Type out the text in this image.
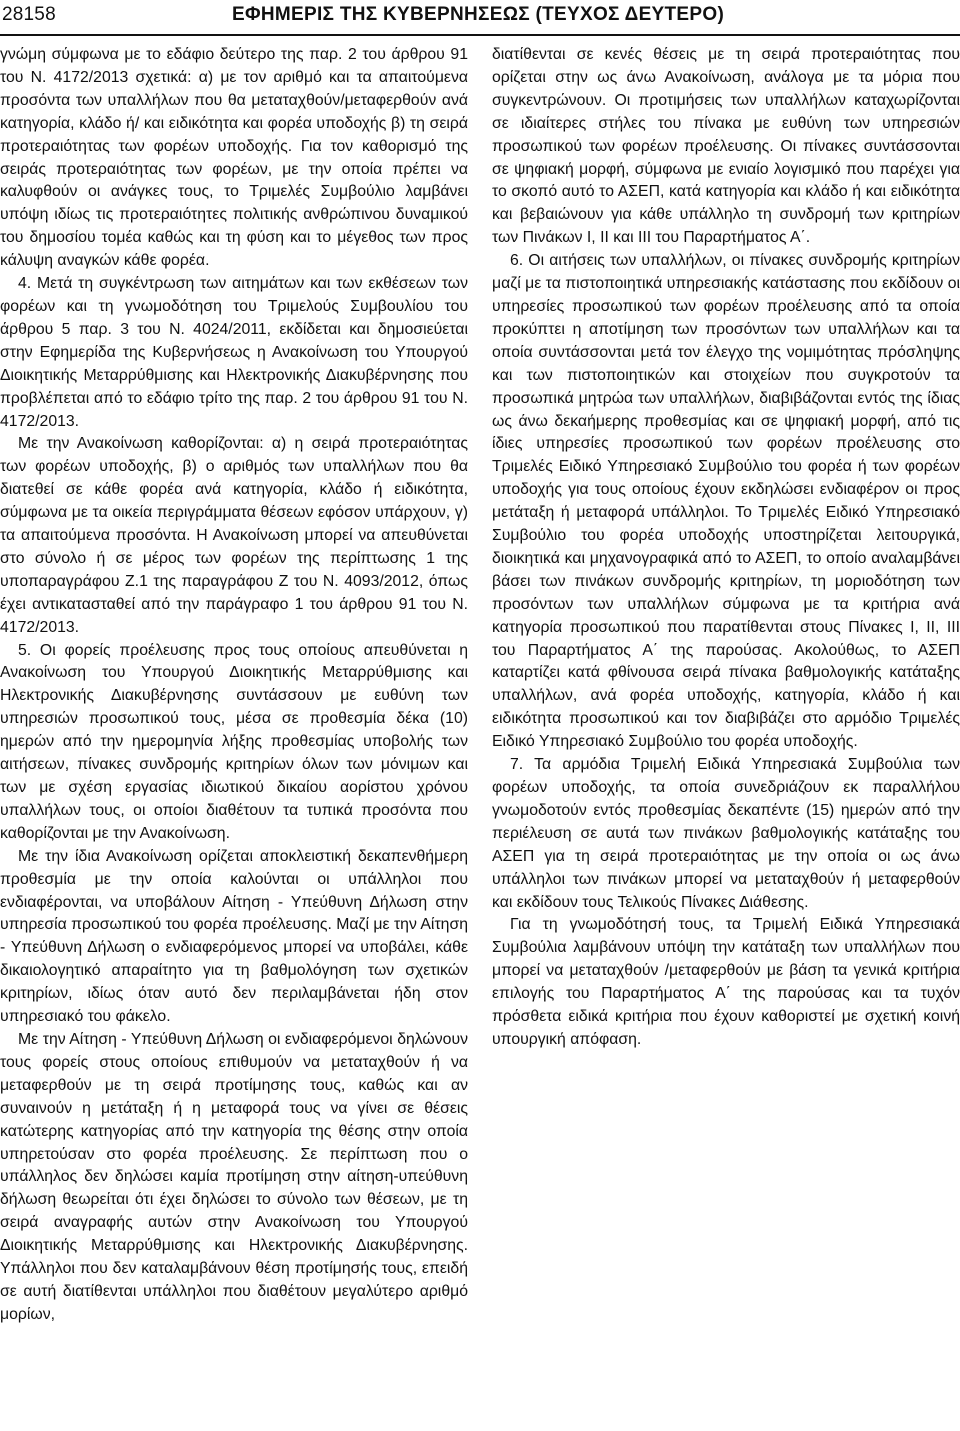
28158	ΕΦΗΜΕΡΙΣ ΤΗΣ ΚΥΒΕΡΝΗΣΕΩΣ (ΤΕΥΧΟΣ ΔΕΥΤΕΡΟ)

γνώμη σύμφωνα με το εδάφιο δεύτερο της παρ. 2 του άρθρου 91 του Ν. 4172/2013 σχετικά: α) με τον αριθμό και τα απαιτούμενα προσόντα των υπαλλήλων που θα μεταταχθούν/μεταφερθούν ανά κατηγορία, κλάδο ή/ και ειδικότητα και φορέα υποδοχής β) τη σειρά προτεραιότητας των φορέων υποδοχής. Για τον καθορισμό της σειράς προτεραιότητας των φορέων, με την οποία πρέπει να καλυφθούν οι ανάγκες τους, το Τριμελές Συμβούλιο λαμβάνει υπόψη ιδίως τις προτεραιότητες πολιτικής ανθρώπινου δυναμικού του δημοσίου τομέα καθώς και τη φύση και το μέγεθος των προς κάλυψη αναγκών κάθε φορέα.

4. Μετά τη συγκέντρωση των αιτημάτων και των εκθέσεων των φορέων και τη γνωμοδότηση του Τριμελούς Συμβουλίου του άρθρου 5 παρ. 3 του Ν. 4024/2011, εκδίδεται και δημοσιεύεται στην Εφημερίδα της Κυβερνήσεως η Ανακοίνωση του Υπουργού Διοικητικής Μεταρρύθμισης και Ηλεκτρονικής Διακυβέρνησης που προβλέπεται από το εδάφιο τρίτο της παρ. 2 του άρθρου 91 του Ν. 4172/2013.

Με την Ανακοίνωση καθορίζονται: α) η σειρά προτεραιότητας των φορέων υποδοχής, β) ο αριθμός των υπαλλήλων που θα διατεθεί σε κάθε φορέα ανά κατηγορία, κλάδο ή ειδικότητα, σύμφωνα με τα οικεία περιγράμματα θέσεων εφόσον υπάρχουν, γ) τα απαιτούμενα προσόντα. Η Ανακοίνωση μπορεί να απευθύνεται στο σύνολο ή σε μέρος των φορέων της περίπτωσης 1 της υποπαραγράφου Ζ.1 της παραγράφου Ζ του Ν. 4093/2012, όπως έχει αντικατασταθεί από την παράγραφο 1 του άρθρου 91 του Ν. 4172/2013.

5. Οι φορείς προέλευσης προς τους οποίους απευθύνεται η Ανακοίνωση του Υπουργού Διοικητικής Μεταρρύθμισης και Ηλεκτρονικής Διακυβέρνησης συντάσσουν με ευθύνη των υπηρεσιών προσωπικού τους, μέσα σε προθεσμία δέκα (10) ημερών από την ημερομηνία λήξης προθεσμίας υποβολής των αιτήσεων, πίνακες συνδρομής κριτηρίων όλων των μόνιμων και των με σχέση εργασίας ιδιωτικού δικαίου αορίστου χρόνου υπαλλήλων τους, οι οποίοι διαθέτουν τα τυπικά προσόντα που καθορίζονται με την Ανακοίνωση.

Με την ίδια Ανακοίνωση ορίζεται αποκλειστική δεκαπενθήμερη προθεσμία με την οποία καλούνται οι υπάλληλοι που ενδιαφέρονται, να υποβάλουν Αίτηση - Υπεύθυνη Δήλωση στην υπηρεσία προσωπικού του φορέα προέλευσης. Μαζί με την Αίτηση - Υπεύθυνη Δήλωση ο ενδιαφερόμενος μπορεί να υποβάλει, κάθε δικαιολογητικό απαραίτητο για τη βαθμολόγηση των σχετικών κριτηρίων, ιδίως όταν αυτό δεν περιλαμβάνεται ήδη στον υπηρεσιακό του φάκελο.

Με την Αίτηση - Υπεύθυνη Δήλωση οι ενδιαφερόμενοι δηλώνουν τους φορείς στους οποίους επιθυμούν να μεταταχθούν ή να μεταφερθούν με τη σειρά προτίμησης τους, καθώς και αν συναινούν η μετάταξη ή η μεταφορά τους να γίνει σε θέσεις κατώτερης κατηγορίας από την κατηγορία της θέσης στην οποία υπηρετούσαν στο φορέα προέλευσης. Σε περίπτωση που ο υπάλληλος δεν δηλώσει καμία προτίμηση στην αίτηση-υπεύθυνη δήλωση θεωρείται ότι έχει δηλώσει το σύνολο των θέσεων, με τη σειρά αναγραφής αυτών στην Ανακοίνωση του Υπουργού Διοικητικής Μεταρρύθμισης και Ηλεκτρονικής Διακυβέρνησης. Υπάλληλοι που δεν καταλαμβάνουν θέση προτίμησής τους, επειδή σε αυτή διατίθενται υπάλληλοι που διαθέτουν μεγαλύτερο αριθμό μορίων,

διατίθενται σε κενές θέσεις με τη σειρά προτεραιότητας που ορίζεται στην ως άνω Ανακοίνωση, ανάλογα με τα μόρια που συγκεντρώνουν. Οι προτιμήσεις των υπαλλήλων καταχωρίζονται σε ιδιαίτερες στήλες του πίνακα με ευθύνη των υπηρεσιών προσωπικού των φορέων προέλευσης. Οι πίνακες συντάσσονται σε ψηφιακή μορφή, σύμφωνα με ενιαίο λογισμικό που παρέχει για το σκοπό αυτό το ΑΣΕΠ, κατά κατηγορία και κλάδο ή και ειδικότητα και βεβαιώνουν για κάθε υπάλληλο τη συνδρομή των κριτηρίων των Πινάκων Ι, ΙΙ και ΙΙΙ του Παραρτήματος Α΄.

6. Οι αιτήσεις των υπαλλήλων, οι πίνακες συνδρομής κριτηρίων μαζί με τα πιστοποιητικά υπηρεσιακής κατάστασης που εκδίδουν οι υπηρεσίες προσωπικού των φορέων προέλευσης από τα οποία προκύπτει η αποτίμηση των προσόντων των υπαλλήλων και τα οποία συντάσσονται μετά τον έλεγχο της νομιμότητας πρόσληψης και των πιστοποιητικών και στοιχείων που συγκροτούν τα προσωπικά μητρώα των υπαλλήλων, διαβιβάζονται εντός της ίδιας ως άνω δεκαήμερης προθεσμίας και σε ψηφιακή μορφή, από τις ίδιες υπηρεσίες προσωπικού των φορέων προέλευσης στο Τριμελές Ειδικό Υπηρεσιακό Συμβούλιο του φορέα ή των φορέων υποδοχής για τους οποίους έχουν εκδηλώσει ενδιαφέρον οι προς μετάταξη ή μεταφορά υπάλληλοι. Το Τριμελές Ειδικό Υπηρεσιακό Συμβούλιο του φορέα υποδοχής υποστηρίζεται λειτουργικά, διοικητικά και μηχανογραφικά από το ΑΣΕΠ, το οποίο αναλαμβάνει βάσει των πινάκων συνδρομής κριτηρίων, τη μοριοδότηση των προσόντων των υπαλλήλων σύμφωνα με τα κριτήρια ανά κατηγορία προσωπικού που παρατίθενται στους Πίνακες Ι, ΙΙ, ΙΙΙ του Παραρτήματος Α΄ της παρούσας. Ακολούθως, το ΑΣΕΠ καταρτίζει κατά φθίνουσα σειρά πίνακα βαθμολογικής κατάταξης υπαλλήλων, ανά φορέα υποδοχής, κατηγορία, κλάδο ή και ειδικότητα προσωπικού και τον διαβιβάζει στο αρμόδιο Τριμελές Ειδικό Υπηρεσιακό Συμβούλιο του φορέα υποδοχής.

7. Τα αρμόδια Τριμελή Ειδικά Υπηρεσιακά Συμβούλια των φορέων υποδοχής, τα οποία συνεδριάζουν εκ παραλλήλου γνωμοδοτούν εντός προθεσμίας δεκαπέντε (15) ημερών από την περιέλευση σε αυτά των πινάκων βαθμολογικής κατάταξης του ΑΣΕΠ για τη σειρά προτεραιότητας με την οποία οι ως άνω υπάλληλοι των πινάκων μπορεί να μεταταχθούν ή μεταφερθούν και εκδίδουν τους Τελικούς Πίνακες Διάθεσης.

Για τη γνωμοδότησή τους, τα Τριμελή Ειδικά Υπηρεσιακά Συμβούλια λαμβάνουν υπόψη την κατάταξη των υπαλλήλων που μπορεί να μεταταχθούν /μεταφερθούν με βάση τα γενικά κριτήρια επιλογής του Παραρτήματος Α΄ της παρούσας και τα τυχόν πρόσθετα ειδικά κριτήρια που έχουν καθοριστεί με σχετική κοινή υπουργική απόφαση.
